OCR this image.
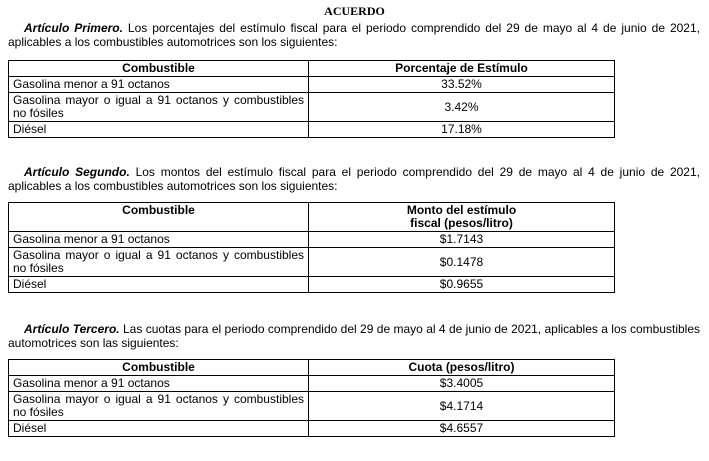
ACUERDO
Artículo Primero. Los porcentajes del estímulo fiscal para el periodo comprendido del 29 de mayo al 4 de junio de 2021, aplicables a los combustibles automotrices son los siguientes:
Combustible	Porcentaje de Estímulo
Gasolina menor a 91 octanos	33.52%
Gasolina mayor o igual a 91 octanos y combustibles no fósiles	3.42%
Diésel	17.18%
Artículo Segundo. Los montos del estímulo fiscal para el periodo comprendido del 29 de mayo al 4 de junio de 2021, aplicables a los combustibles automotrices son los siguientes:
Combustible	Monto del estímulo fiscal (pesos/litro)
Gasolina menor a 91 octanos	$1.7143
Gasolina mayor o igual a 91 octanos y combustibles no fósiles	$0.1478
Diésel	$0.9655
Artículo Tercero. Las cuotas para el periodo comprendido del 29 de mayo al 4 de junio de 2021, aplicables a los combustibles automotrices son las siguientes:
Combustible	Cuota (pesos/litro)
Gasolina menor a 91 octanos	$3.4005
Gasolina mayor o igual a 91 octanos y combustibles no fósiles	$4.1714
Diésel	$4.6557
